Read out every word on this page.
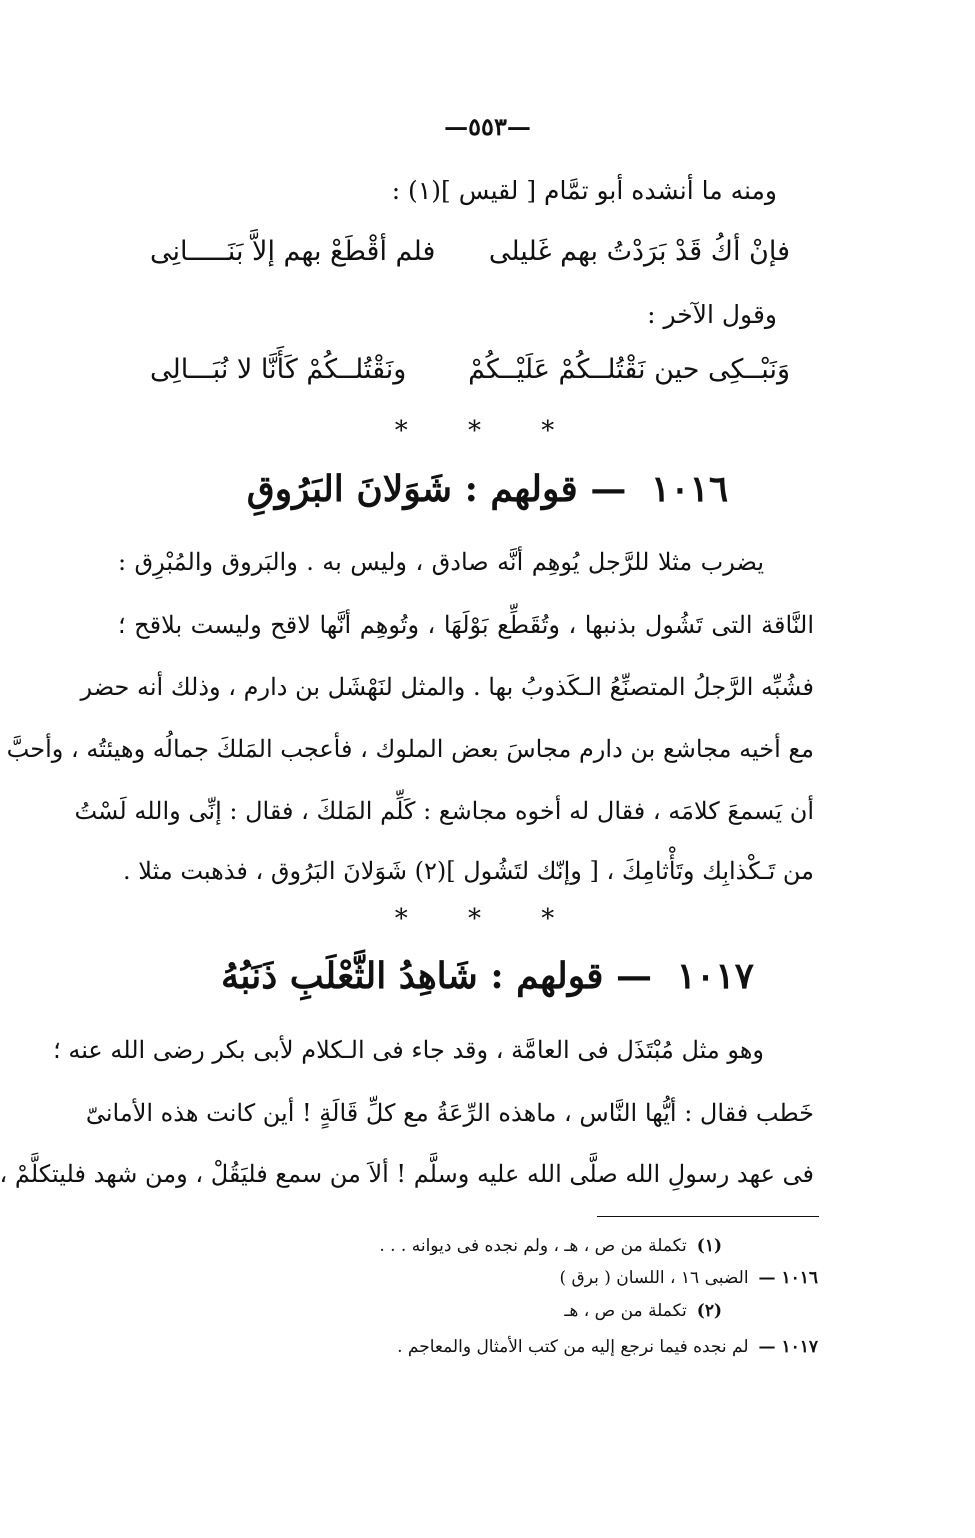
—٥٥٣—
ومنه ما أنشده أبو تمَّام [ لقيس ](١) :
فإنْ أكُ قَدْ بَرَدْتُ بهم غَليلى
فلم أقْطَعْ بهم إلاَّ بَنَـــــانِى
وقول الآخر :
وَنَبْــكِى حين نَقْتُلــكُمْ عَلَيْــكُمْ
ونَقْتُلــكُمْ كَأَنَّا لا نُبَـــالِى
* * *
١٠١٦ — قولهم : شَوَلانَ البَرُوقِ
يضرب مثلا للرَّجل يُوهِم أنَّه صادق ، وليس به . والبَروق والمُبْرِق :
النَّاقة التى تَشُول بذنبها ، وتُقَطِّع بَوْلَهَا ، وتُوهِم أنَّها لاقح وليست بلاقح ؛
فشُبِّه الرَّجلُ المتصنِّعُ الـكَذوبُ بها . والمثل لنَهْشَل بن دارم ، وذلك أنه حضر
مع أخيه مجاشع بن دارم مجاسَ بعض الملوك ، فأعجب المَلكَ جمالُه وهيئتُه ، وأحبَّ
أن يَسمعَ كلامَه ، فقال له أخوه مجاشع : كَلِّم المَلكَ ، فقال : إنِّى والله لَسْتُ
من تَـكْذابِك وتَأْثامِكَ ، [ وإنّك لتَشُول ](٢) شَوَلانَ البَرُوق ، فذهبت مثلا .
* * *
١٠١٧ — قولهم : شَاهِدُ الثَّعْلَبِ ذَنَبُهُ
وهو مثل مُبْتَذَل فى العامَّة ، وقد جاء فى الـكلام لأبى بكر رضى الله عنه ؛
خَطب فقال : أيُّها النَّاس ، ماهذه الرِّعَةُ مع كلِّ قَالَةٍ ! أين كانت هذه الأمانىّ
فى عهد رسولِ الله صلَّى الله عليه وسلَّم ! ألاَ من سمع فليَقُلْ ، ومن شهد فليتكلَّمْ ،
(١)تكملة من ص ، هـ ، ولم نجده فى ديوانه . . .
١٠١٦ —الضبى ١٦ ، اللسان ( برق )
(٢)تكملة من ص ، هـ
١٠١٧ —لم نجده فيما نرجع إليه من كتب الأمثال والمعاجم .
